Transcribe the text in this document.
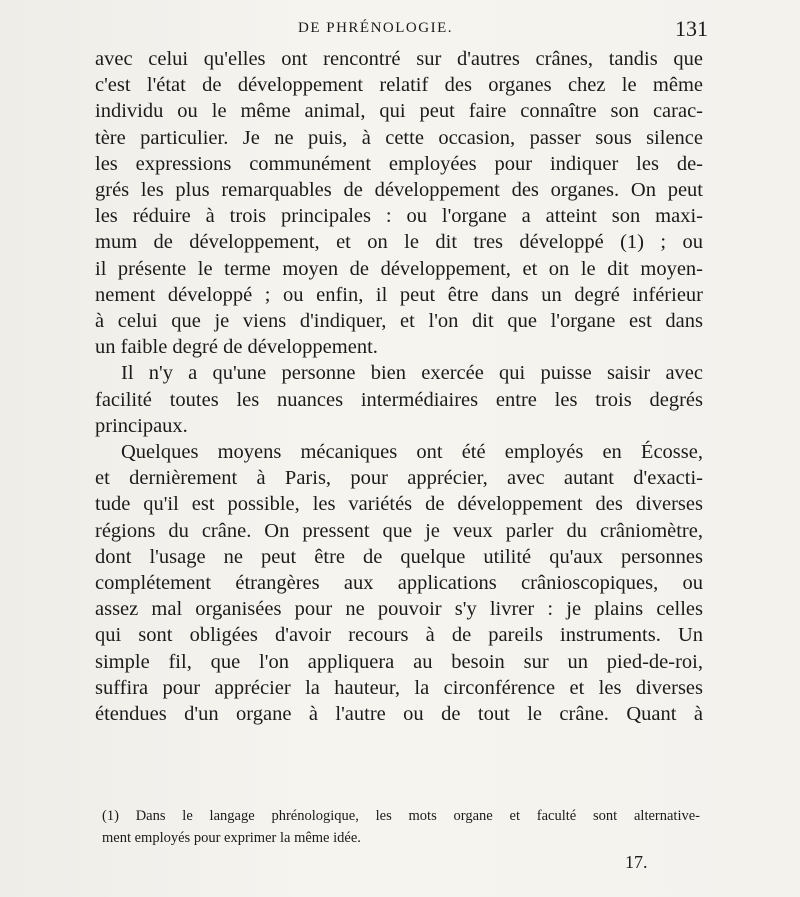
DE PHRÉNOLOGIE.	131
avec celui qu'elles ont rencontré sur d'autres crânes, tandis que
c'est l'état de développement relatif des organes chez le même
individu ou le même animal, qui peut faire connaître son carac-
tère particulier. Je ne puis, à cette occasion, passer sous silence
les expressions communément employées pour indiquer les de-
grés les plus remarquables de développement des organes. On peut
les réduire à trois principales : ou l'organe a atteint son maxi-
mum de développement, et on le dit tres développé (1) ; ou
il présente le terme moyen de développement, et on le dit moyen-
nement développé ; ou enfin, il peut être dans un degré inférieur
à celui que je viens d'indiquer, et l'on dit que l'organe est dans
un faible degré de développement.
Il n'y a qu'une personne bien exercée qui puisse saisir avec
facilité toutes les nuances intermédiaires entre les trois degrés
principaux.
Quelques moyens mécaniques ont été employés en Écosse,
et dernièrement à Paris, pour apprécier, avec autant d'exacti-
tude qu'il est possible, les variétés de développement des diverses
régions du crâne. On pressent que je veux parler du crâniomètre,
dont l'usage ne peut être de quelque utilité qu'aux personnes
complétement étrangères aux applications crânioscopiques, ou
assez mal organisées pour ne pouvoir s'y livrer : je plains celles
qui sont obligées d'avoir recours à de pareils instruments. Un
simple fil, que l'on appliquera au besoin sur un pied-de-roi,
suffira pour apprécier la hauteur, la circonférence et les diverses
étendues d'un organe à l'autre ou de tout le crâne. Quant à
(1) Dans le langage phrénologique, les mots organe et faculté sont alternative-
ment employés pour exprimer la même idée.
17.
